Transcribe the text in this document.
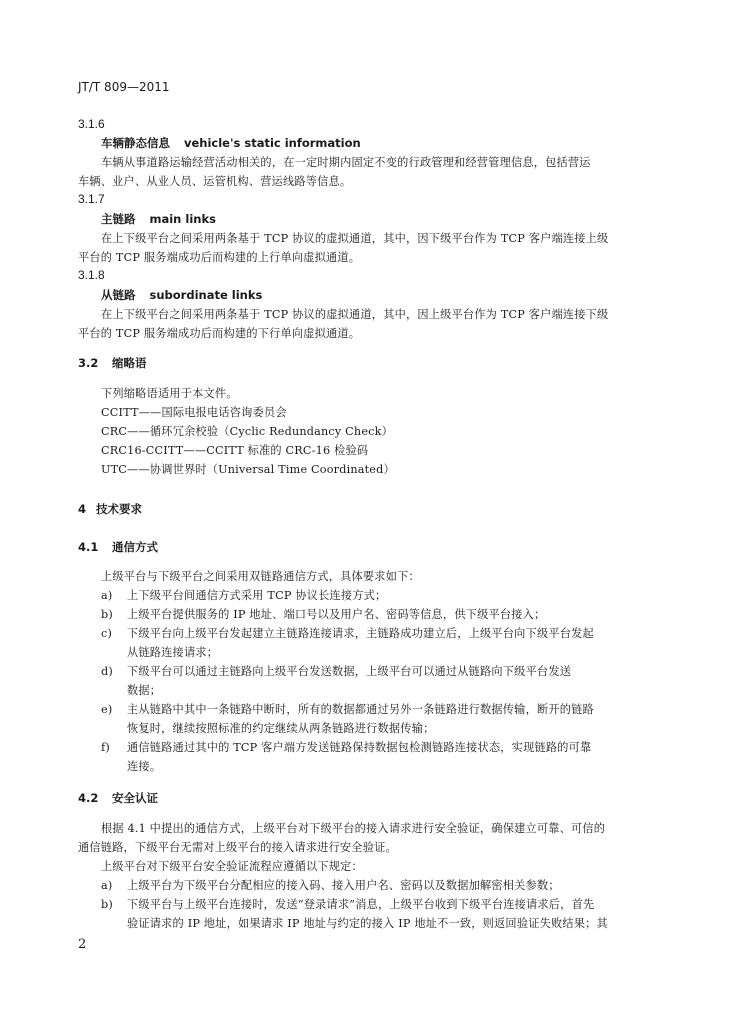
JT/T 809—2011
3.1.6
车辆静态信息 vehicle's static information
车辆从事道路运输经营活动相关的，在一定时期内固定不变的行政管理和经营管理信息，包括营运
车辆、业户、从业人员、运管机构、营运线路等信息。
3.1.7
主链路 main links
在上下级平台之间采用两条基于 TCP 协议的虚拟通道，其中，因下级平台作为 TCP 客户端连接上级
平台的 TCP 服务端成功后而构建的上行单向虚拟通道。
3.1.8
从链路 subordinate links
在上下级平台之间采用两条基于 TCP 协议的虚拟通道，其中，因上级平台作为 TCP 客户端连接下级
平台的 TCP 服务端成功后而构建的下行单向虚拟通道。
3.2 缩略语
下列缩略语适用于本文件。
CCITT——国际电报电话咨询委员会
CRC——循环冗余校验（Cyclic Redundancy Check）
CRC16-CCITT——CCITT 标准的 CRC-16 检验码
UTC——协调世界时（Universal Time Coordinated）
4 技术要求
4.1 通信方式
上级平台与下级平台之间采用双链路通信方式，具体要求如下：
a) 上下级平台间通信方式采用 TCP 协议长连接方式；
b) 上级平台提供服务的 IP 地址、端口号以及用户名、密码等信息，供下级平台接入；
c) 下级平台向上级平台发起建立主链路连接请求，主链路成功建立后，上级平台向下级平台发起
从链路连接请求；
d) 下级平台可以通过主链路向上级平台发送数据，上级平台可以通过从链路向下级平台发送
数据；
e) 主从链路中其中一条链路中断时，所有的数据都通过另外一条链路进行数据传输，断开的链路
恢复时，继续按照标准的约定继续从两条链路进行数据传输；
f) 通信链路通过其中的 TCP 客户端方发送链路保持数据包检测链路连接状态，实现链路的可靠
连接。
4.2 安全认证
根据 4.1 中提出的通信方式，上级平台对下级平台的接入请求进行安全验证，确保建立可靠、可信的
通信链路，下级平台无需对上级平台的接入请求进行安全验证。
上级平台对下级平台安全验证流程应遵循以下规定：
a) 上级平台为下级平台分配相应的接入码、接入用户名、密码以及数据加解密相关参数；
b) 下级平台与上级平台连接时，发送“登录请求”消息，上级平台收到下级平台连接请求后，首先
验证请求的 IP 地址，如果请求 IP 地址与约定的接入 IP 地址不一致，则返回验证失败结果；其
2
